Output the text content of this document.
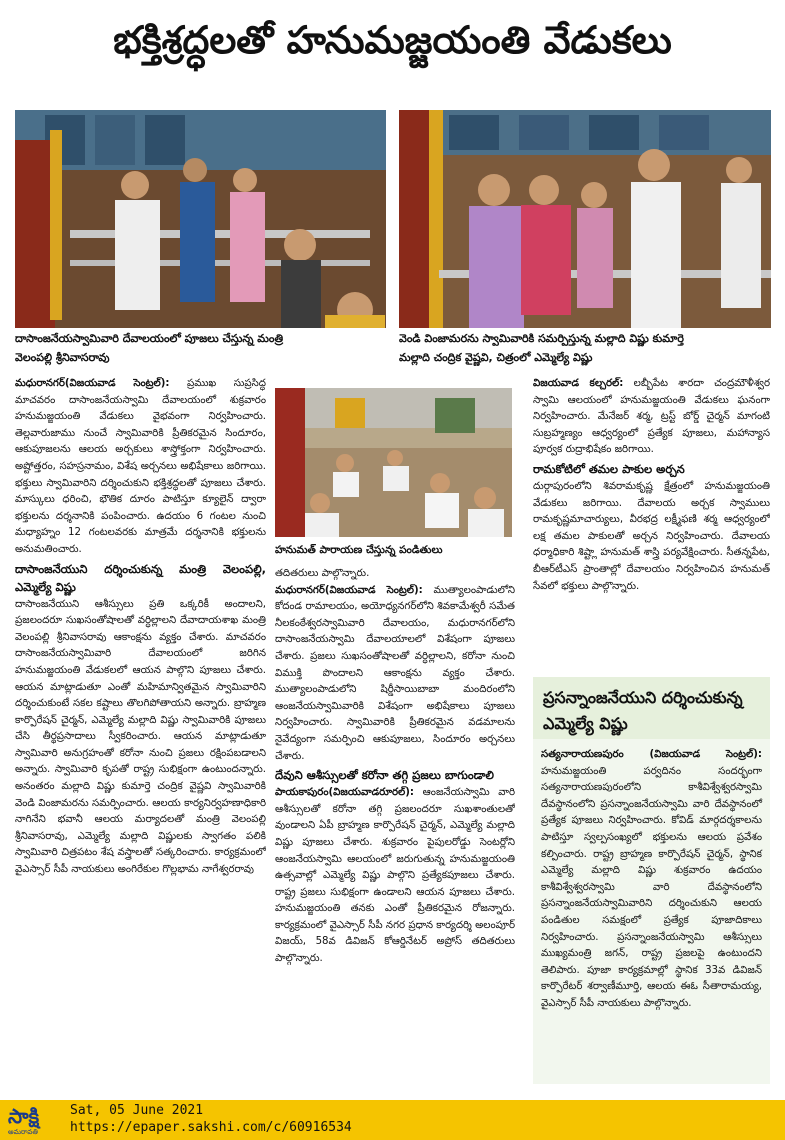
భక్తిశ్రద్ధలతో హనుమజ్జయంతి వేడుకలు
దాసాంజనేయస్వామివారి దేవాలయంలో పూజలు చేస్తున్న మంత్రి
వెలంపల్లి శ్రీనివాసరావు
వెండి వింజామరను స్వామివారికి సమర్పిస్తున్న మల్లాది విష్ణు కుమార్తె
మల్లాది చంద్రిక వైష్ణవి, చిత్రంలో ఎమ్మెల్యే విష్ణు
హనుమత్ పారాయణ చేస్తున్న పండితులు

మధురానగర్‌(విజయవాడ సెంట్రల్‌): ప్రముఖ సుప్రసిద్ధ మాచవరం దాసాంజనేయస్వామి దేవాలయంలో శుక్రవారం హనుమజ్జయంతి వేడుకలు వైభవంగా నిర్వహించారు. తెల్లవారుజాము నుంచే స్వామివారికి ప్రీతికరమైన సిందూరం, ఆకుపూజలను ఆలయ అర్చకులు శాస్త్రోక్తంగా నిర్వహించారు. అష్టోత్తరం, సహస్రనామం, విశేష అర్చనలు అభిషేకాలు జరిగాయి. భక్తులు స్వామివారిని దర్శించుకుని భక్తిశ్రద్ధలతో పూజలు చేశారు. మాస్కులు ధరించి, భౌతిక దూరం పాటిస్తూ క్యూలైన్‌ ద్వారా భక్తులను దర్శనానికి పంపించారు. ఉదయం 6 గంటల నుంచి మధ్యాహ్నం 12 గంటలవరకు మాత్రమే దర్శనానికి భక్తులను అనుమతించారు.

దాసాంజనేయుని దర్శించుకున్న మంత్రి వెలంపల్లి, ఎమ్మెల్యే విష్ణు

దాసాంజనేయుని ఆశీస్సులు ప్రతి ఒక్కరికీ అందాలని, ప్రజలందరూ సుఖసంతోషాలతో వర్ధిల్లాలని దేవాదాయశాఖ మంత్రి వెలంపల్లి శ్రీనివాసరావు ఆకాంక్షను వ్యక్తం చేశారు. మాచవరం దాసాంజనేయస్వామివారి దేవాలయంలో జరిగిన హనుమజ్జయంతి వేడుకలలో ఆయన పాల్గొని పూజలు చేశారు. ఆయన మాట్లాడుతూ ఎంతో మహిమాన్వితమైన స్వామివారిని దర్శించుకుంటే సకల కష్టాలు తొలగిపోతాయని అన్నారు. బ్రాహ్మణ కార్పొరేషన్‌ చైర్మన్‌, ఎమ్మెల్యే మల్లాది విష్ణు స్వామివారికి పూజలు చేసి తీర్థప్రసాదాలు స్వీకరించారు. ఆయన మాట్లాడుతూ స్వామివారి అనుగ్రహంతో కరోనా నుంచి ప్రజలు రక్షింపబడాలని అన్నారు. స్వామివారి కృపతో రాష్ట్ర సుభిక్షంగా ఉంటుందన్నారు. అనంతరం మల్లాది విష్ణు కుమార్తె చంద్రిక వైష్ణవి స్వామివారికి వెండి వింజామరను సమర్పించారు. ఆలయ కార్యనిర్వహణాధికారి నాగినేని భవానీ ఆలయ మర్యాదలతో మంత్రి వెలంపల్లి శ్రీనివాసరావు, ఎమ్మెల్యే మల్లాది విష్ణులకు స్వాగతం పలికి స్వామివారి చిత్రపటం శేష వస్త్రాలతో సత్కరించారు. కార్యక్రమంలో వైఎస్సార్‌ సీపీ నాయకులు అంగిరేకుల గొల్లభామ నాగేశ్వరరావు

తదితరులు పాల్గొన్నారు.

మధురానగర్‌(విజయవాడ సెంట్రల్‌): ముత్యాలంపాడులోని కోదండ రామాలయం, అయోధ్యనగర్‌లోని శివకామేశ్వరీ సమేత నీలకంఠేశ్వరస్వామివారి దేవాలయం, మధురానగర్‌లోని దాసాంజనేయస్వామి దేవాలయాలలో విశేషంగా పూజలు చేశారు. ప్రజలు సుఖసంతోషాలతో వర్ధిల్లాలని, కరోనా నుంచి విముక్తి పొందాలని ఆకాంక్షను వ్యక్తం చేశారు. ముత్యాలంపాడులోని షిర్డీసాయిబాబా మందిరంలోని ఆంజనేయస్వామివారికి విశేషంగా అభిషేకాలు పూజలు నిర్వహించారు. స్వామివారికి ప్రీతికరమైన వడమాలను నైవేద్యంగా సమర్పించి ఆకుపూజలు, సిందూరం అర్చనలు చేశారు.

దేవుని ఆశీస్సులతో కరోనా తగ్గి ప్రజలు బాగుండాలి

పాయకాపురం(విజయవాడరూరల్‌): ఆంజనేయస్వామి వారి ఆశీస్సులతో కరోనా తగ్గి ప్రజలందరూ సుఖశాంతులతో వుండాలని ఏపీ బ్రాహ్మణ కార్పొరేషన్‌ చైర్మన్‌, ఎమ్మెల్యే మల్లాది విష్ణు పూజలు చేశారు. శుక్రవారం పైపులరోడ్డు సెంటర్లోని ఆంజనేయస్వామి ఆలయంలో జరుగుతున్న హనుమజ్జయంతి ఉత్సవాల్లో ఎమ్మెల్యే విష్ణు పాల్గొని ప్రత్యేకపూజలు చేశారు. రాష్ట్ర ప్రజలు సుభిక్షంగా ఉండాలని ఆయన పూజలు చేశారు. హనుమజ్జయంతి తనకు ఎంతో ప్రీతికరమైన రోజన్నారు. కార్యక్రమంలో వైఎస్సార్‌ సీపీ నగర ప్రధాన కార్యదర్శి అలంపూర్‌ విజయ్‌, 58వ డివిజన్‌ కోఆర్డినేటర్‌ అప్రోస్‌ తదితరులు పాల్గొన్నారు.

విజయవాడ కల్చరల్‌: లబ్బీపేట శారదా చంద్రమౌళీశ్వర స్వామి ఆలయంలో హనుమజ్జయంతి వేడుకలు ఘనంగా నిర్వహించారు. మేనేజర్‌ శర్మ, ట్రస్ట్‌ బోర్డ్‌ చైర్మన్‌ మాగంటి సుబ్రహ్మణ్యం ఆధ్వర్యంలో ప్రత్యేక పూజలు, మహాన్యాస పూర్వక రుద్రాభిషేకం జరిగాయి.

రామకోటిలో తమల పాకుల అర్చన

దుర్గాపురంలోని శివరామకృష్ణ క్షేత్రంలో హనుమజ్జయంతి వేడుకలు జరిగాయి. దేవాలయ అర్చక స్వాములు రామకృష్ణమాచార్యులు, వీరభద్ర లక్ష్మీఫణి శర్మ ఆధ్వర్యంలో లక్ష తమల పాకులతో అర్చన నిర్వహించారు. దేవాలయ ధర్మాధికారి శిష్ట్లా హనుమత్‌ శాస్త్రి పర్యవేక్షించారు. సీతన్నపేట, బీఆర్‌టీఎస్‌ ప్రాంతాల్లో దేవాలయం నిర్వహించిన హనుమత్‌ సేవలో భక్తులు పాల్గొన్నారు.

ప్రసన్నాంజనేయుని దర్శించుకున్న ఎమ్మెల్యే విష్ణు
సత్యనారాయణపురం (విజయవాడ సెంట్రల్‌): హనుమజ్జయంతి పర్వదినం సందర్భంగా సత్యనారాయణపురంలోని కాశీవిశ్వేశ్వరస్వామి దేవస్థానంలోని ప్రసన్నాంజనేయస్వామి వారి దేవస్థానంలో ప్రత్యేక పూజలు నిర్వహించారు. కోవిడ్‌ మార్గదర్శకాలను పాటిస్తూ స్వల్పసంఖ్యలో భక్తులను ఆలయ ప్రవేశం కల్పించారు. రాష్ట్ర బ్రాహ్మణ కార్పొరేషన్‌ చైర్మన్‌, స్థానిక ఎమ్మెల్యే మల్లాది విష్ణు శుక్రవారం ఉదయం కాశీవిశ్వేశ్వరస్వామి వారి దేవస్థానంలోని ప్రసన్నాంజనేయస్వామివారిని దర్శించుకుని ఆలయ పండితుల సమక్షంలో ప్రత్యేక పూజాదికాలు నిర్వహించారు. ప్రసన్నాంజనేయస్వామి ఆశీస్సులు ముఖ్యమంత్రి జగన్‌, రాష్ట్ర ప్రజలపై ఉంటుందని తెలిపారు. పూజా కార్యక్రమాల్లో స్థానిక 33వ డివిజన్‌ కార్పొరేటర్‌ శర్వాణీమూర్తి, ఆలయ ఈఓ సీతారామయ్య, వైఎస్సార్‌ సీపీ నాయకులు పాల్గొన్నారు.
సాక్షి
అమరావతి
Sat, 05 June 2021
https://epaper.sakshi.com/c/60916534
